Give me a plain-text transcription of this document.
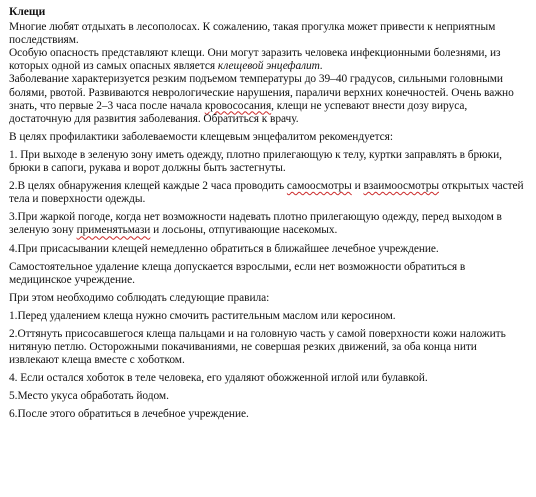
Клещи

Многие любят отдыхать в лесополосах. К сожалению, такая прогулка может привести к неприятным последствиям.

Особую опасность представляют клещи. Они могут заразить человека инфекционными болезнями, из которых одной из самых опасных является клещевой энцефалит.

Заболевание характеризуется резким подъемом температуры до 39–40 градусов, сильными головными болями, рвотой. Развиваются неврологические нарушения, параличи верхних конечностей. Очень важно знать, что первые 2–3 часа после начала кровососания, клещи не успевают внести дозу вируса, достаточную для развития заболевания. Обратиться к врачу.

В целях профилактики заболеваемости клещевым энцефалитом рекомендуется:

1. При выходе в зеленую зону иметь одежду, плотно прилегающую к телу, куртки заправлять в брюки, брюки в сапоги, рукава и ворот должны быть застегнуты.

2.В целях обнаружения клещей каждые 2 часа проводить самоосмотры и взаимоосмотры открытых частей тела и поверхности одежды.

3.При жаркой погоде, когда нет возможности надевать плотно прилегающую одежду, перед выходом в зеленую зону применятьмази и лосьоны, отпугивающие насекомых.

4.При присасывании клещей немедленно обратиться в ближайшее лечебное учреждение.

Самостоятельное удаление клеща допускается взрослыми, если нет возможности обратиться в медицинское учреждение.

При этом необходимо соблюдать следующие правила:

1.Перед удалением клеща нужно смочить растительным маслом или керосином.

2.Оттянуть присосавшегося клеща пальцами и на головную часть у самой поверхности кожи наложить нитяную петлю. Осторожными покачиваниями, не совершая резких движений, за оба конца нити извлекают клеща вместе с хоботком.

4. Если остался хоботок в теле человека, его удаляют обожженной иглой или булавкой.

5.Место укуса обработать йодом.

6.После этого обратиться в лечебное учреждение.
